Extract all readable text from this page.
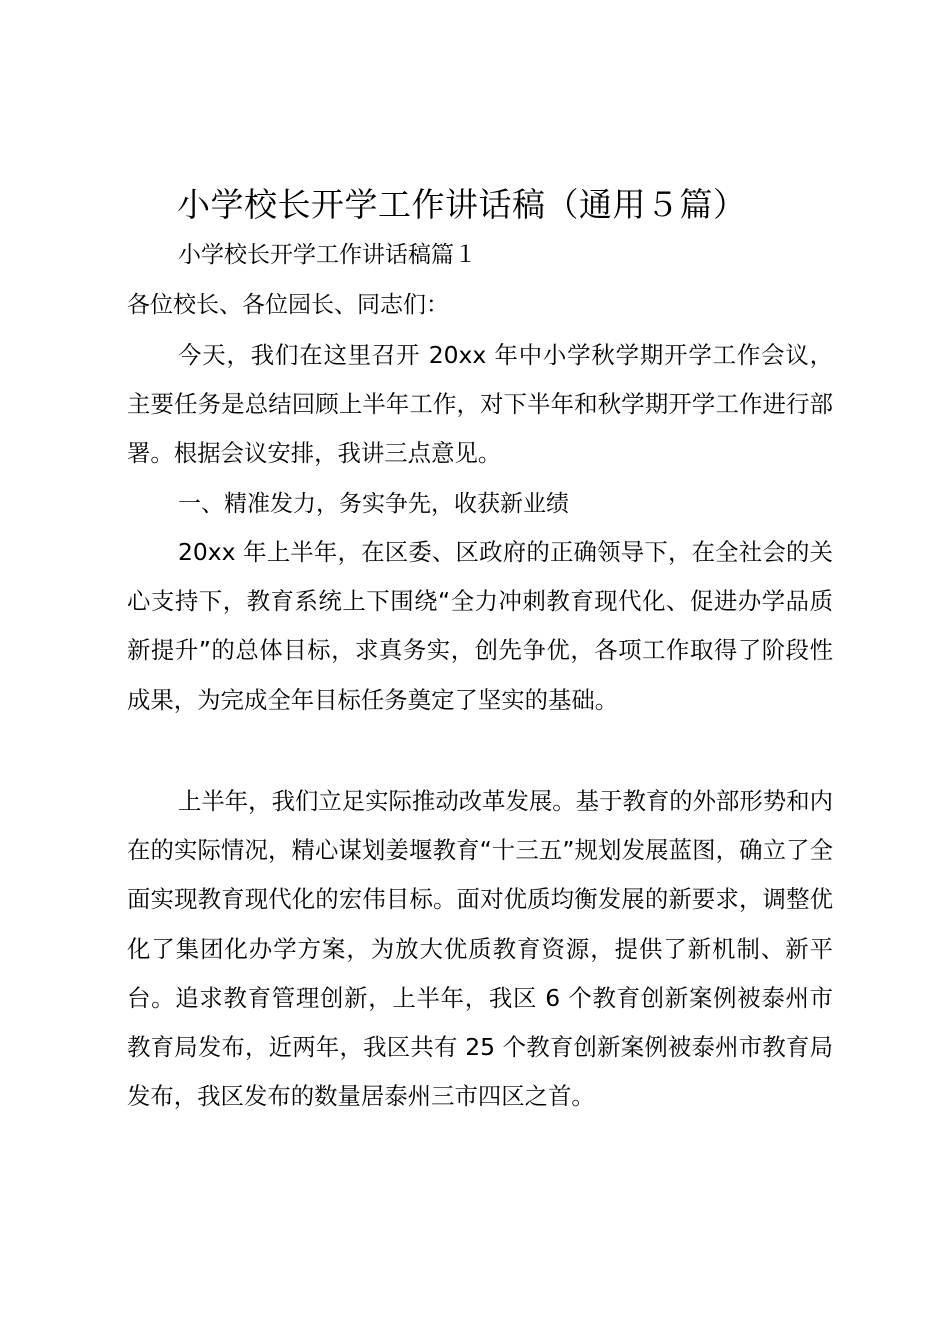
小学校长开学工作讲话稿（通用５篇）
小学校长开学工作讲话稿篇１
各位校长、各位园长、同志们：

今天，我们在这里召开 20xx 年中小学秋学期开学工作会议，主要任务是总结回顾上半年工作，对下半年和秋学期开学工作进行部署。根据会议安排，我讲三点意见。

一、精准发力，务实争先，收获新业绩

20xx 年上半年，在区委、区政府的正确领导下，在全社会的关心支持下，教育系统上下围绕“全力冲刺教育现代化、促进办学品质新提升”的总体目标，求真务实，创先争优，各项工作取得了阶段性成果，为完成全年目标任务奠定了坚实的基础。

上半年，我们立足实际推动改革发展。基于教育的外部形势和内在的实际情况，精心谋划姜堰教育“十三五”规划发展蓝图，确立了全面实现教育现代化的宏伟目标。面对优质均衡发展的新要求，调整优化了集团化办学方案，为放大优质教育资源，提供了新机制、新平台。追求教育管理创新，上半年，我区 6 个教育创新案例被泰州市教育局发布，近两年，我区共有 25 个教育创新案例被泰州市教育局发布，我区发布的数量居泰州三市四区之首。
